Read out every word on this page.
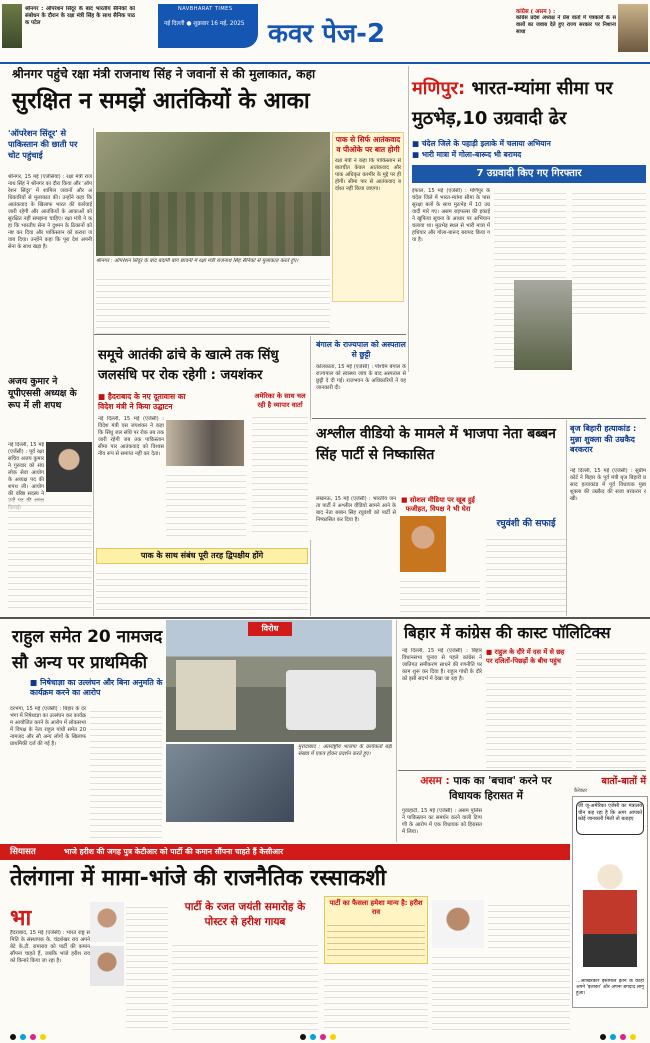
श्रीनगर : ऑपरेशन सिंदूर के बाद भारतीय सैनिकों को संबोधन के दौरान के रक्षा मंत्री सिंह के साथ सैनिक पाठक पटेल
NAVBHARAT TIMES
नई दिल्ली ● शुक्रवार 16 मई, 2025 कवर पेज-2
कांग्रेस ( असम ) :
कांग्रेस प्रदेश अध्यक्ष ने प्रेस वार्ता में पत्रकारों के सवालों का जवाब देते हुए राज्य सरकार पर निशाना साधा
श्रीनगर पहुंचे रक्षा मंत्री राजनाथ सिंह ने जवानों से की मुलाकात, कहा
सुरक्षित न समझें आतंकियों के आका
'ऑपरेशन सिंदूर' से पाकिस्तान की छाती पर चोट पहुंचाई
श्रीनगर, 15 मई (एजेंसियां) : रक्षा मंत्री राजनाथ सिंह ने श्रीनगर का दौरा किया और 'ऑपरेशन सिंदूर' में शामिल जवानों और अधिकारियों से मुलाकात की। उन्होंने कहा कि आतंकवाद के खिलाफ भारत की कार्रवाई जारी रहेगी और आतंकियों के आकाओं को सुरक्षित नहीं समझना चाहिए। रक्षा मंत्री ने कहा कि भारतीय सेना ने दुश्मन के ठिकानों को नष्ट कर दिया और पाकिस्तान को करारा जवाब दिया। उन्होंने कहा कि पूरा देश अपनी सेना के साथ खड़ा है।
श्रीनगर : ऑपरेशन सिंदूर के बाद बदामी बाग छावनी में रक्षा मंत्री राजनाथ सिंह सैनिकों से मुलाकात करते हुए।
पाक से सिर्फ आतंकवाद व पीओके पर बात होगी
रक्षा मंत्री ने कहा कि पाकिस्तान से बातचीत केवल आतंकवाद और पाक अधिकृत कश्मीर के मुद्दे पर ही होगी। सीमा पार से आतंकवाद बर्दाश्त नहीं किया जाएगा।
मणिपुर: भारत-म्यांमा सीमा पर मुठभेड़,10 उग्रवादी ढेर
■ चंदेल जिले के पहाड़ी इलाके में चलाया अभियान
■ भारी मात्रा में गोला-बारूद भी बरामद
7 उग्रवादी किए गए गिरफ्तार
इंफाल, 15 मई (एजेंसी) : मणिपुर के चंदेल जिले में भारत-म्यांमा सीमा के पास सुरक्षा बलों के साथ मुठभेड़ में 10 उग्रवादी मारे गए। असम राइफल्स की इकाई ने खुफिया सूचना के आधार पर अभियान चलाया था। मुठभेड़ स्थल से भारी मात्रा में हथियार और गोला-बारूद बरामद किया गया है।
अजय कुमार ने यूपीएससी अध्यक्ष के रूप में ली शपथ
नई दिल्ली, 15 मई (एजेंसी) : पूर्व रक्षा सचिव अजय कुमार ने गुरुवार को संघ लोक सेवा आयोग के अध्यक्ष पद की शपथ ली। आयोग की वरिष्ठ सदस्य ने
समूचे आतंकी ढांचे के खात्मे तक सिंधु जलसंधि पर रोक रहेगी : जयशंकर
■ हैदराबाद के नए दूतावास का विदेश मंत्री ने किया उद्घाटन
नई दिल्ली, 15 मई (एजेंसी) : विदेश मंत्री एस जयशंकर ने कहा कि सिंधु जल संधि पर रोक तब तक जारी रहेगी जब तक पाकिस्तान सीमा पार आतंकवाद को विश्वसनीय रूप से समाप्त नहीं कर देता।
अमेरिका के साथ चल रही है व्यापार वार्ता
पाक के साथ संबंध पूरी तरह द्विपक्षीय होंगे
बंगाल के राज्यपाल को अस्पताल से छुट्टी
कोलकाता, 15 मई (एजेंसी) : पश्चिम बंगाल के राज्यपाल को स्वास्थ्य जांच के बाद अस्पताल से छुट्टी दे दी गई। राजभवन के अधिकारियों ने यह जानकारी दी।
अश्लील वीडियो के मामले में भाजपा नेता बब्बन सिंह पार्टी से निष्कासित
■ सोशल मीडिया पर खूब हुई फजीहत, विपक्ष ने भी घेरा
लखनऊ, 15 मई (एजेंसी) : भारतीय जनता पार्टी ने अश्लील वीडियो सामने आने के बाद नेता बब्बन सिंह रघुवंशी को पार्टी से निष्कासित कर दिया है।	रघुवंशी की सफाई
बृज बिहारी हत्याकांड : मुन्ना शुक्ला की उम्रकैद बरकरार
नई दिल्ली, 15 मई (एजेंसी) : सुप्रीम कोर्ट ने बिहार के पूर्व मंत्री बृज बिहारी प्रसाद हत्याकांड में पूर्व विधायक मुन्ना शुक्ला की उम्रकैद की सजा बरकरार रखी।
विरोध
मुरादाबाद : अंतर्राष्ट्रीय भाजपा के कार्यकर्ता बड़ी संख्या में एकत्र होकर प्रदर्शन करते हुए।
राहुल समेत 20 नामजद सौ अन्य पर प्राथमिकी
■ निषेधाज्ञा का उल्लंघन और बिना अनुमति के कार्यक्रम करने का आरोप
दरभंगा, 15 मई (एजेंसी) : बिहार के दरभंगा में निषेधाज्ञा का उल्लंघन कर कार्यक्रम आयोजित करने के आरोप में लोकसभा में विपक्ष के नेता राहुल गांधी समेत 20 नामजद और सौ अन्य लोगों के खिलाफ प्राथमिकी दर्ज की गई है।
बिहार में कांग्रेस की कास्ट पॉलिटिक्स
■ राहुल के दौरे में दस में से छह पर दलितों-पिछड़ों के बीच पहुंच
नई दिल्ली, 15 मई (एजेंसी) : बिहार विधानसभा चुनाव से पहले कांग्रेस ने जातिगत समीकरण साधने की रणनीति पर काम शुरू कर दिया है। राहुल गांधी के दौरे को इसी संदर्भ में देखा जा रहा है।
असम : पाक का 'बचाव' करने पर विधायक हिरासत में
गुवाहाटी, 15 मई (एजेंसी) : असम पुलिस ने पाकिस्तान का समर्थन करने वाली टिप्पणी के आरोप में एक विधायक को हिरासत में लिया।
बातों-बातों में
कैरेक्टर
जी जू-अमेरिका एजेंसी का मंत्रालय चीन कह रहा है कि अगर आपको कोई जानकारी मिली तो बताइए
...आखिरकार इस्तेमाल इतने के काही अपने 'इलाका' और अपना बगदाद लागू हुआ।
सियासत	भाजे हरीश की जगह पुत्र केटीआर को पार्टी की कमान सौंपना चाहते हैं केसीआर
तेलंगाना में मामा-भांजे की राजनैतिक रस्साकशी
भा
हैदराबाद, 15 मई (एजेंसी) : भारत राष्ट्र समिति के संस्थापक के. चंद्रशेखर राव अपने बेटे के.टी. रामाराव को पार्टी की कमान सौंपना चाहते हैं, जबकि भांजे हरीश राव को किनारे किया जा रहा है।
पार्टी के रजत जयंती समारोह के पोस्टर से हरीश गायब
पार्टी का फैसला हमेशा मान्य है: हरीश राव
